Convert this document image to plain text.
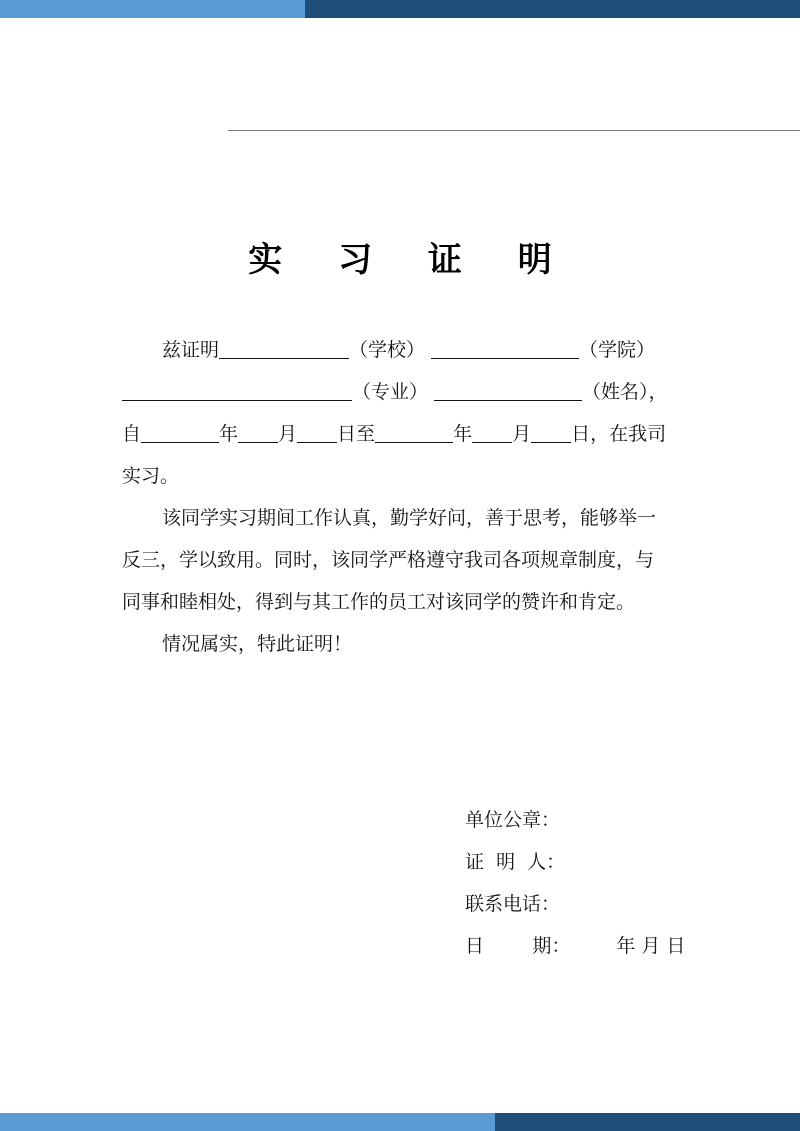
实 习 证 明
兹证明	（学校）	（学院）
（专业）	（姓名），
自	年 月 日至	年 月 日，在我司
实习。
该同学实习期间工作认真，勤学好问，善于思考，能够举一
反三，学以致用。同时，该同学严格遵守我司各项规章制度，与
同事和睦相处，得到与其工作的员工对该同学的赞许和肯定。
情况属实，特此证明！
单位公章：
证  明  人：
联系电话：
日        期： 年 月 日
